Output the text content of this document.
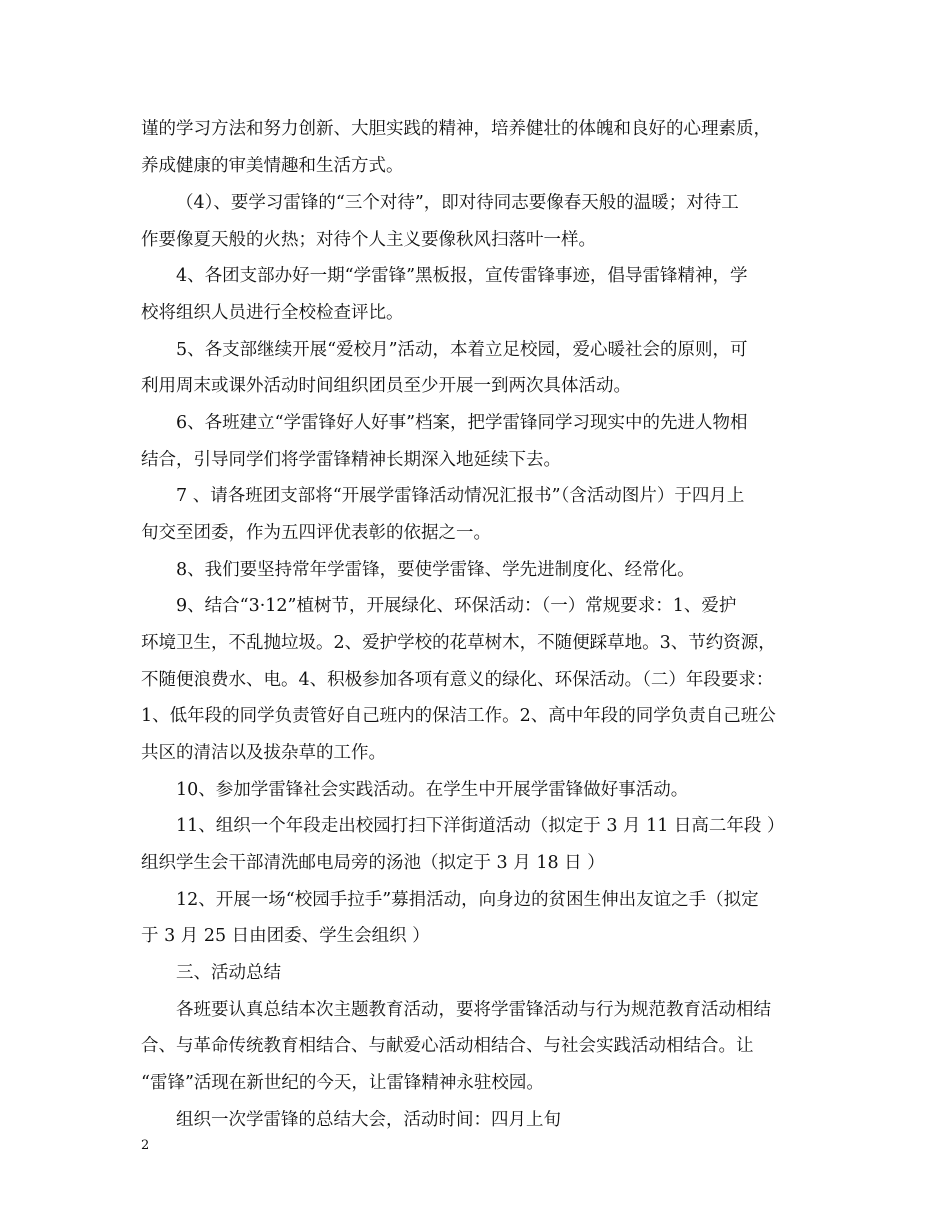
谨的学习方法和努力创新、大胆实践的精神，培养健壮的体魄和良好的心理素质，
养成健康的审美情趣和生活方式。
（4）、要学习雷锋的“三个对待”，即对待同志要像春天般的温暖；对待工
作要像夏天般的火热；对待个人主义要像秋风扫落叶一样。
4、各团支部办好一期“学雷锋”黑板报，宣传雷锋事迹，倡导雷锋精神，学
校将组织人员进行全校检查评比。
5、各支部继续开展“爱校月”活动，本着立足校园，爱心暖社会的原则，可
利用周末或课外活动时间组织团员至少开展一到两次具体活动。
6、各班建立“学雷锋好人好事”档案，把学雷锋同学习现实中的先进人物相
结合，引导同学们将学雷锋精神长期深入地延续下去。
7 、请各班团支部将“开展学雷锋活动情况汇报书”（含活动图片）于四月上
旬交至团委，作为五四评优表彰的依据之一。
8、我们要坚持常年学雷锋，要使学雷锋、学先进制度化、经常化。
9、结合“3·12”植树节，开展绿化、环保活动：（一）常规要求：1、爱护
环境卫生，不乱抛垃圾。2、爱护学校的花草树木，不随便踩草地。3、节约资源，
不随便浪费水、电。4、积极参加各项有意义的绿化、环保活动。（二）年段要求：
1、低年段的同学负责管好自己班内的保洁工作。2、高中年段的同学负责自己班公
共区的清洁以及拔杂草的工作。
10、参加学雷锋社会实践活动。在学生中开展学雷锋做好事活动。
11、组织一个年段走出校园打扫下洋街道活动（拟定于 3 月 11 日高二年段 ）
组织学生会干部清洗邮电局旁的汤池（拟定于 3 月 18 日 ）
12、开展一场“校园手拉手”募捐活动，向身边的贫困生伸出友谊之手（拟定
于 3 月 25 日由团委、学生会组织 ）
三、活动总结
各班要认真总结本次主题教育活动，要将学雷锋活动与行为规范教育活动相结
合、与革命传统教育相结合、与献爱心活动相结合、与社会实践活动相结合。让
“雷锋”活现在新世纪的今天，让雷锋精神永驻校园。
组织一次学雷锋的总结大会，活动时间：四月上旬
2
